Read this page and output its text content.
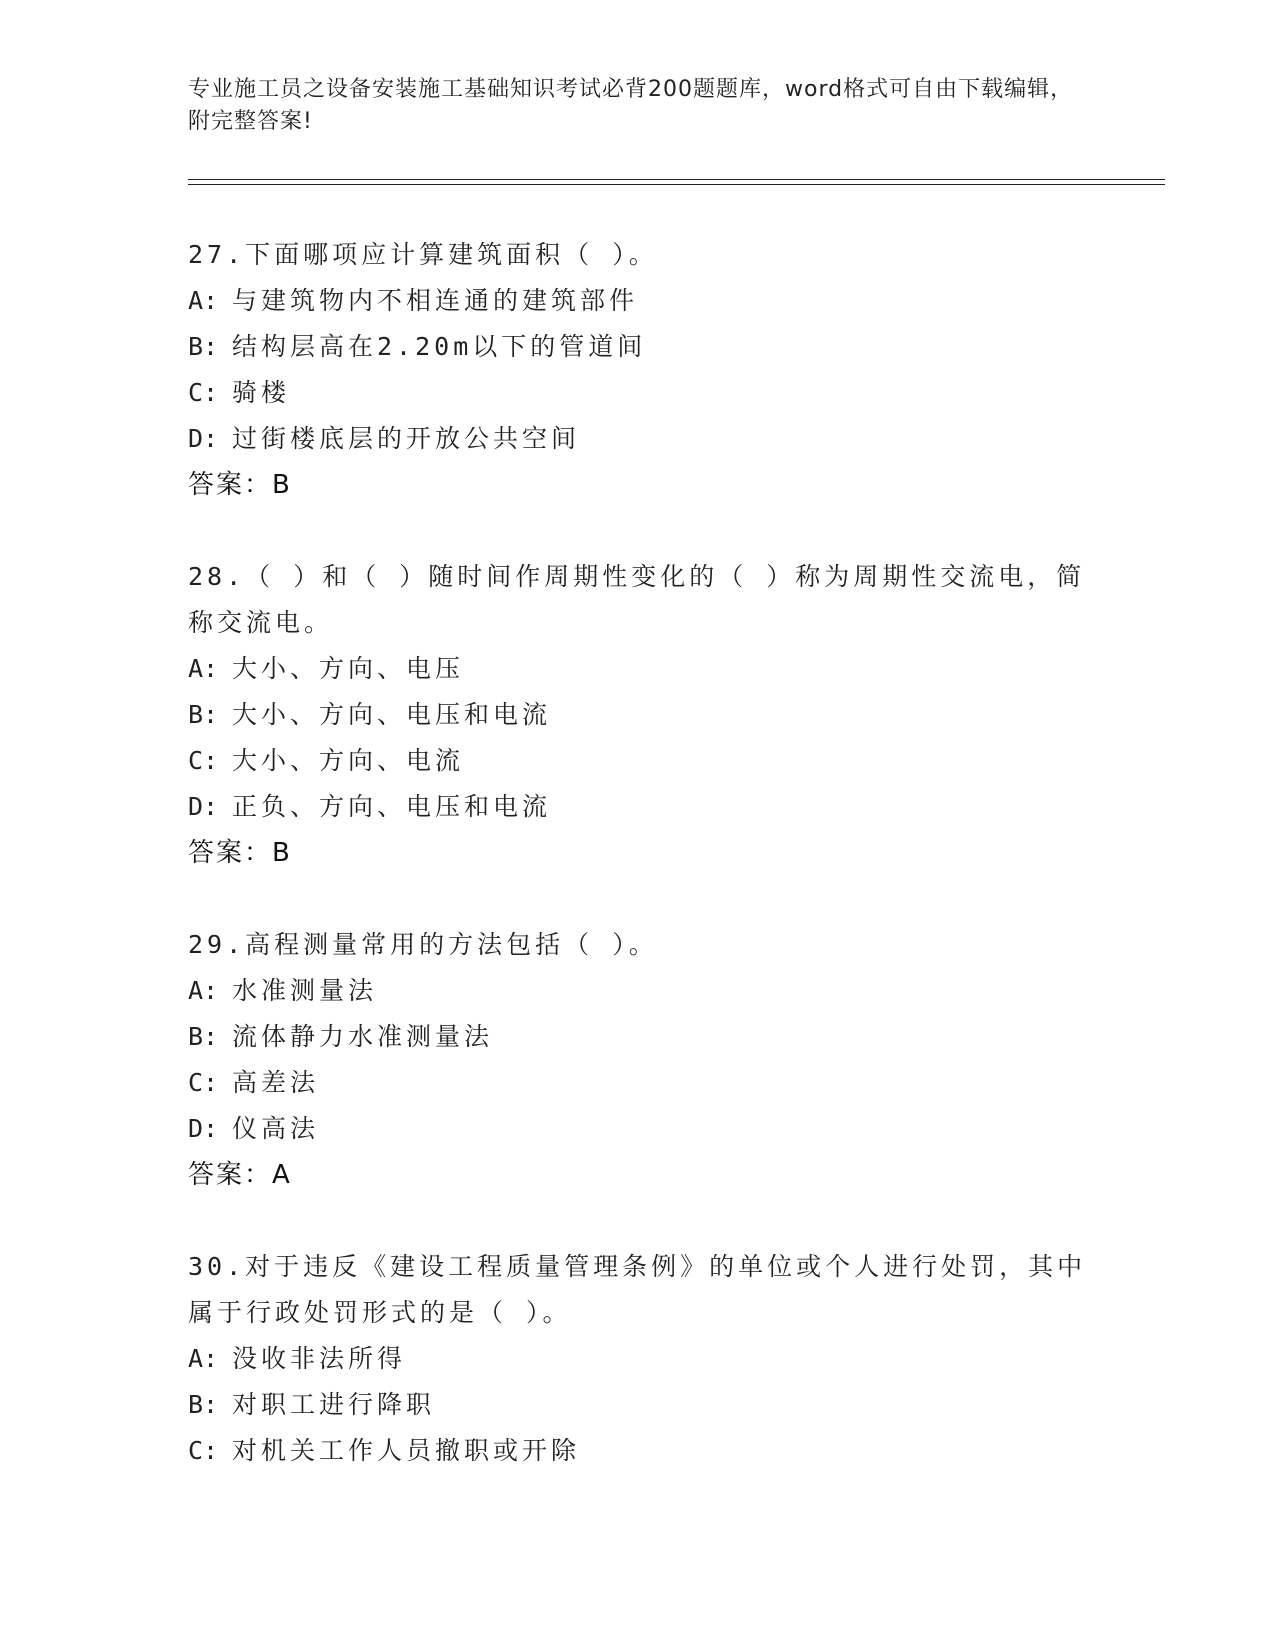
专业施工员之设备安装施工基础知识考试必背200题题库，word格式可自由下载编辑，附完整答案!
27.下面哪项应计算建筑面积（ ）。
A: 与建筑物内不相连通的建筑部件
B: 结构层高在2.20m以下的管道间
C: 骑楼
D: 过街楼底层的开放公共空间
答案：B
28.（ ）和（ ）随时间作周期性变化的（ ）称为周期性交流电，简称交流电。
A: 大小、方向、电压
B: 大小、方向、电压和电流
C: 大小、方向、电流
D: 正负、方向、电压和电流
答案：B
29.高程测量常用的方法包括（ ）。
A: 水准测量法
B: 流体静力水准测量法
C: 高差法
D: 仪高法
答案：A
30.对于违反《建设工程质量管理条例》的单位或个人进行处罚，其中属于行政处罚形式的是（ ）。
A: 没收非法所得
B: 对职工进行降职
C: 对机关工作人员撤职或开除
